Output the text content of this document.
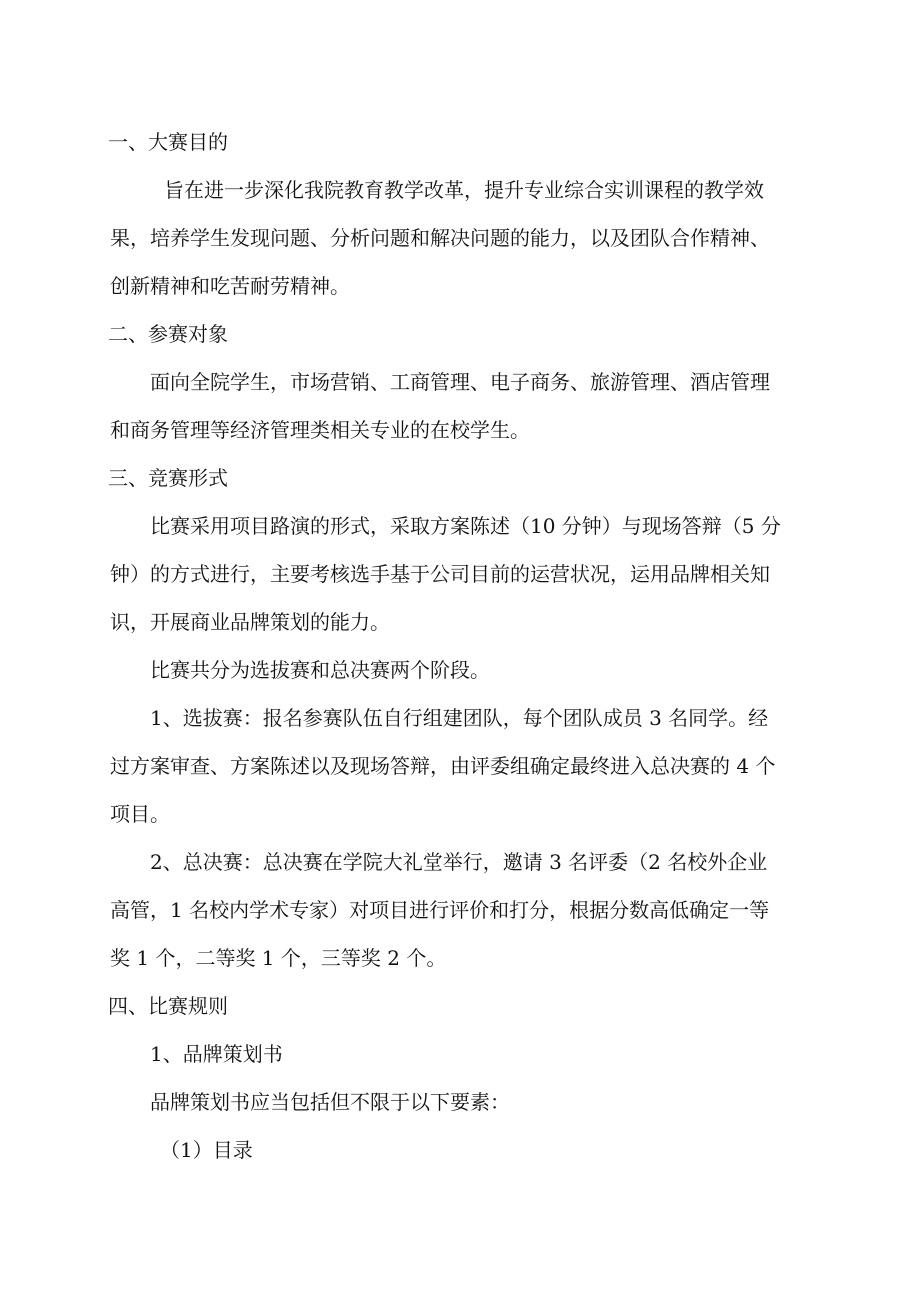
一、大赛目的
旨在进一步深化我院教育教学改革，提升专业综合实训课程的教学效
果，培养学生发现问题、分析问题和解决问题的能力，以及团队合作精神、
创新精神和吃苦耐劳精神。
二、参赛对象
面向全院学生，市场营销、工商管理、电子商务、旅游管理、酒店管理
和商务管理等经济管理类相关专业的在校学生。
三、竞赛形式
比赛采用项目路演的形式，采取方案陈述（10 分钟）与现场答辩（5 分
钟）的方式进行，主要考核选手基于公司目前的运营状况，运用品牌相关知
识，开展商业品牌策划的能力。
比赛共分为选拔赛和总决赛两个阶段。
1、选拔赛：报名参赛队伍自行组建团队，每个团队成员 3 名同学。经
过方案审查、方案陈述以及现场答辩，由评委组确定最终进入总决赛的 4 个
项目。
2、总决赛：总决赛在学院大礼堂举行，邀请 3 名评委（2 名校外企业
高管，1 名校内学术专家）对项目进行评价和打分，根据分数高低确定一等
奖 1 个，二等奖 1 个，三等奖 2 个。
四、比赛规则
1、品牌策划书
品牌策划书应当包括但不限于以下要素：
（1）目录
